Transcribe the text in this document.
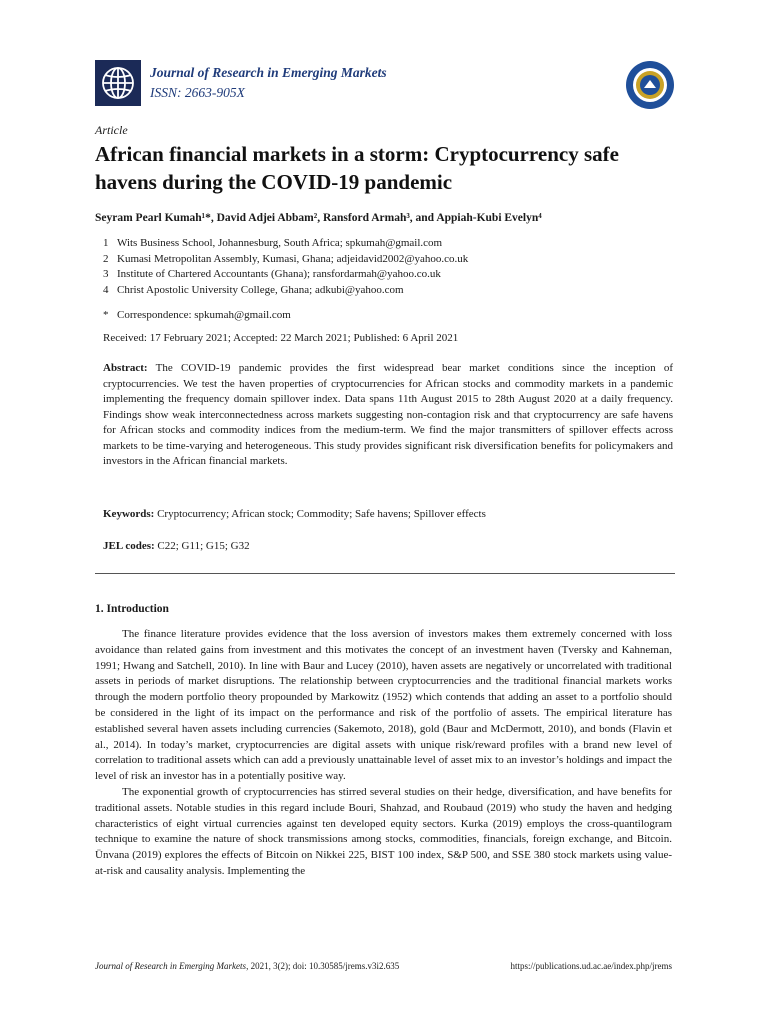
Journal of Research in Emerging Markets
ISSN: 2663-905X
Article
African financial markets in a storm: Cryptocurrency safe havens during the COVID-19 pandemic
Seyram Pearl Kumah¹*, David Adjei Abbam², Ransford Armah³, and Appiah-Kubi Evelyn⁴
1 Wits Business School, Johannesburg, South Africa; spkumah@gmail.com
2 Kumasi Metropolitan Assembly, Kumasi, Ghana; adjeidavid2002@yahoo.co.uk
3 Institute of Chartered Accountants (Ghana); ransfordarmah@yahoo.co.uk
4 Christ Apostolic University College, Ghana; adkubi@yahoo.com
* Correspondence: spkumah@gmail.com
Received: 17 February 2021; Accepted: 22 March 2021; Published: 6 April 2021
Abstract: The COVID-19 pandemic provides the first widespread bear market conditions since the inception of cryptocurrencies. We test the haven properties of cryptocurrencies for African stocks and commodity markets in a pandemic implementing the frequency domain spillover index. Data spans 11th August 2015 to 28th August 2020 at a daily frequency. Findings show weak interconnectedness across markets suggesting non-contagion risk and that cryptocurrency are safe havens for African stocks and commodity indices from the medium-term. We find the major transmitters of spillover effects across markets to be time-varying and heterogeneous. This study provides significant risk diversification benefits for policymakers and investors in the African financial markets.
Keywords: Cryptocurrency; African stock; Commodity; Safe havens; Spillover effects
JEL codes: C22; G11; G15; G32
1. Introduction

The finance literature provides evidence that the loss aversion of investors makes them extremely concerned with loss avoidance than related gains from investment and this motivates the concept of an investment haven (Tversky and Kahneman, 1991; Hwang and Satchell, 2010). In line with Baur and Lucey (2010), haven assets are negatively or uncorrelated with traditional assets in periods of market disruptions. The relationship between cryptocurrencies and the traditional financial markets works through the modern portfolio theory propounded by Markowitz (1952) which contends that adding an asset to a portfolio should be considered in the light of its impact on the performance and risk of the portfolio of assets. The empirical literature has established several haven assets including currencies (Sakemoto, 2018), gold (Baur and McDermott, 2010), and bonds (Flavin et al., 2014). In today’s market, cryptocurrencies are digital assets with unique risk/reward profiles with a brand new level of correlation to traditional assets which can add a previously unattainable level of asset mix to an investor’s holdings and impact the level of risk an investor has in a potentially positive way.

The exponential growth of cryptocurrencies has stirred several studies on their hedge, diversification, and have benefits for traditional assets. Notable studies in this regard include Bouri, Shahzad, and Roubaud (2019) who study the haven and hedging characteristics of eight virtual currencies against ten developed equity sectors. Kurka (2019) employs the cross-quantilogram technique to examine the nature of shock transmissions among stocks, commodities, financials, foreign exchange, and Bitcoin. Ünvana (2019) explores the effects of Bitcoin on Nikkei 225, BIST 100 index, S&P 500, and SSE 380 stock markets using value-at-risk and causality analysis. Implementing the

Journal of Research in Emerging Markets, 2021, 3(2); doi: 10.30585/jrems.v3i2.635	https://publications.ud.ac.ae/index.php/jrems
